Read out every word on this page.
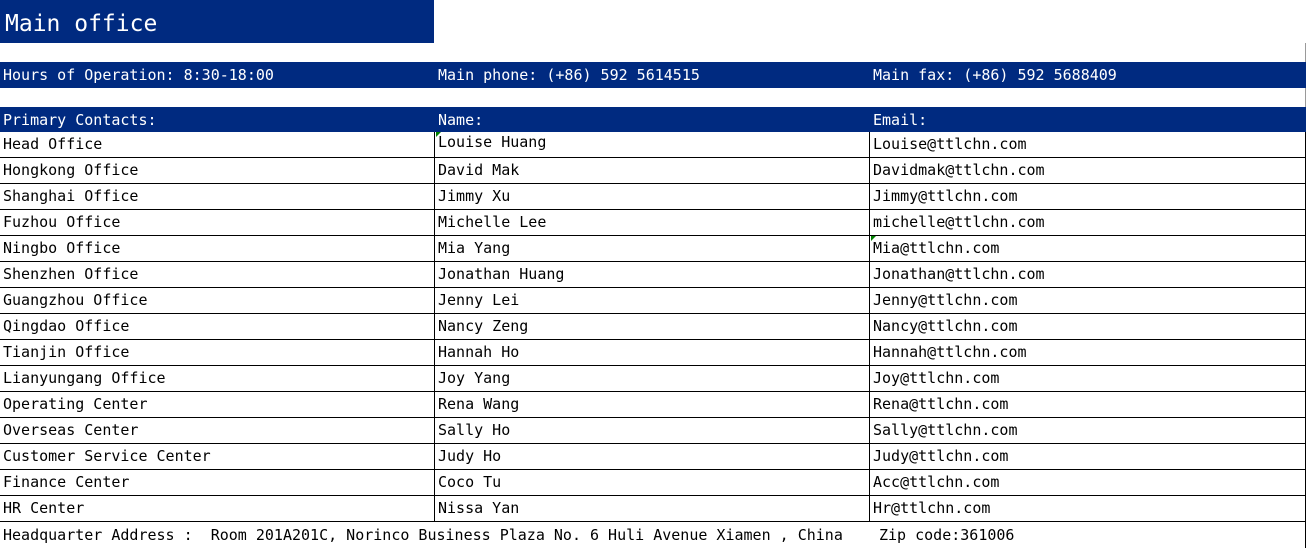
Main office
Hours of Operation: 8:30-18:00	Main phone: (+86) 592 5614515	Main fax: (+86) 592 5688409
Primary Contacts:	Name:	Email:
Head Office	Louise Huang	Louise@ttlchn.com
Hongkong Office	David Mak	Davidmak@ttlchn.com
Shanghai Office	Jimmy Xu	Jimmy@ttlchn.com
Fuzhou Office	Michelle Lee	michelle@ttlchn.com
Ningbo Office	Mia Yang	Mia@ttlchn.com
Shenzhen Office	Jonathan Huang	Jonathan@ttlchn.com
Guangzhou Office	Jenny Lei	Jenny@ttlchn.com
Qingdao Office	Nancy Zeng	Nancy@ttlchn.com
Tianjin Office	Hannah Ho	Hannah@ttlchn.com
Lianyungang Office	Joy Yang	Joy@ttlchn.com
Operating Center	Rena Wang	Rena@ttlchn.com
Overseas Center	Sally Ho	Sally@ttlchn.com
Customer Service Center	Judy Ho	Judy@ttlchn.com
Finance Center	Coco Tu	Acc@ttlchn.com
HR Center	Nissa Yan	Hr@ttlchn.com
Headquarter Address :  Room 201A201C, Norinco Business Plaza No. 6 Huli Avenue Xiamen , China    Zip code:361006
